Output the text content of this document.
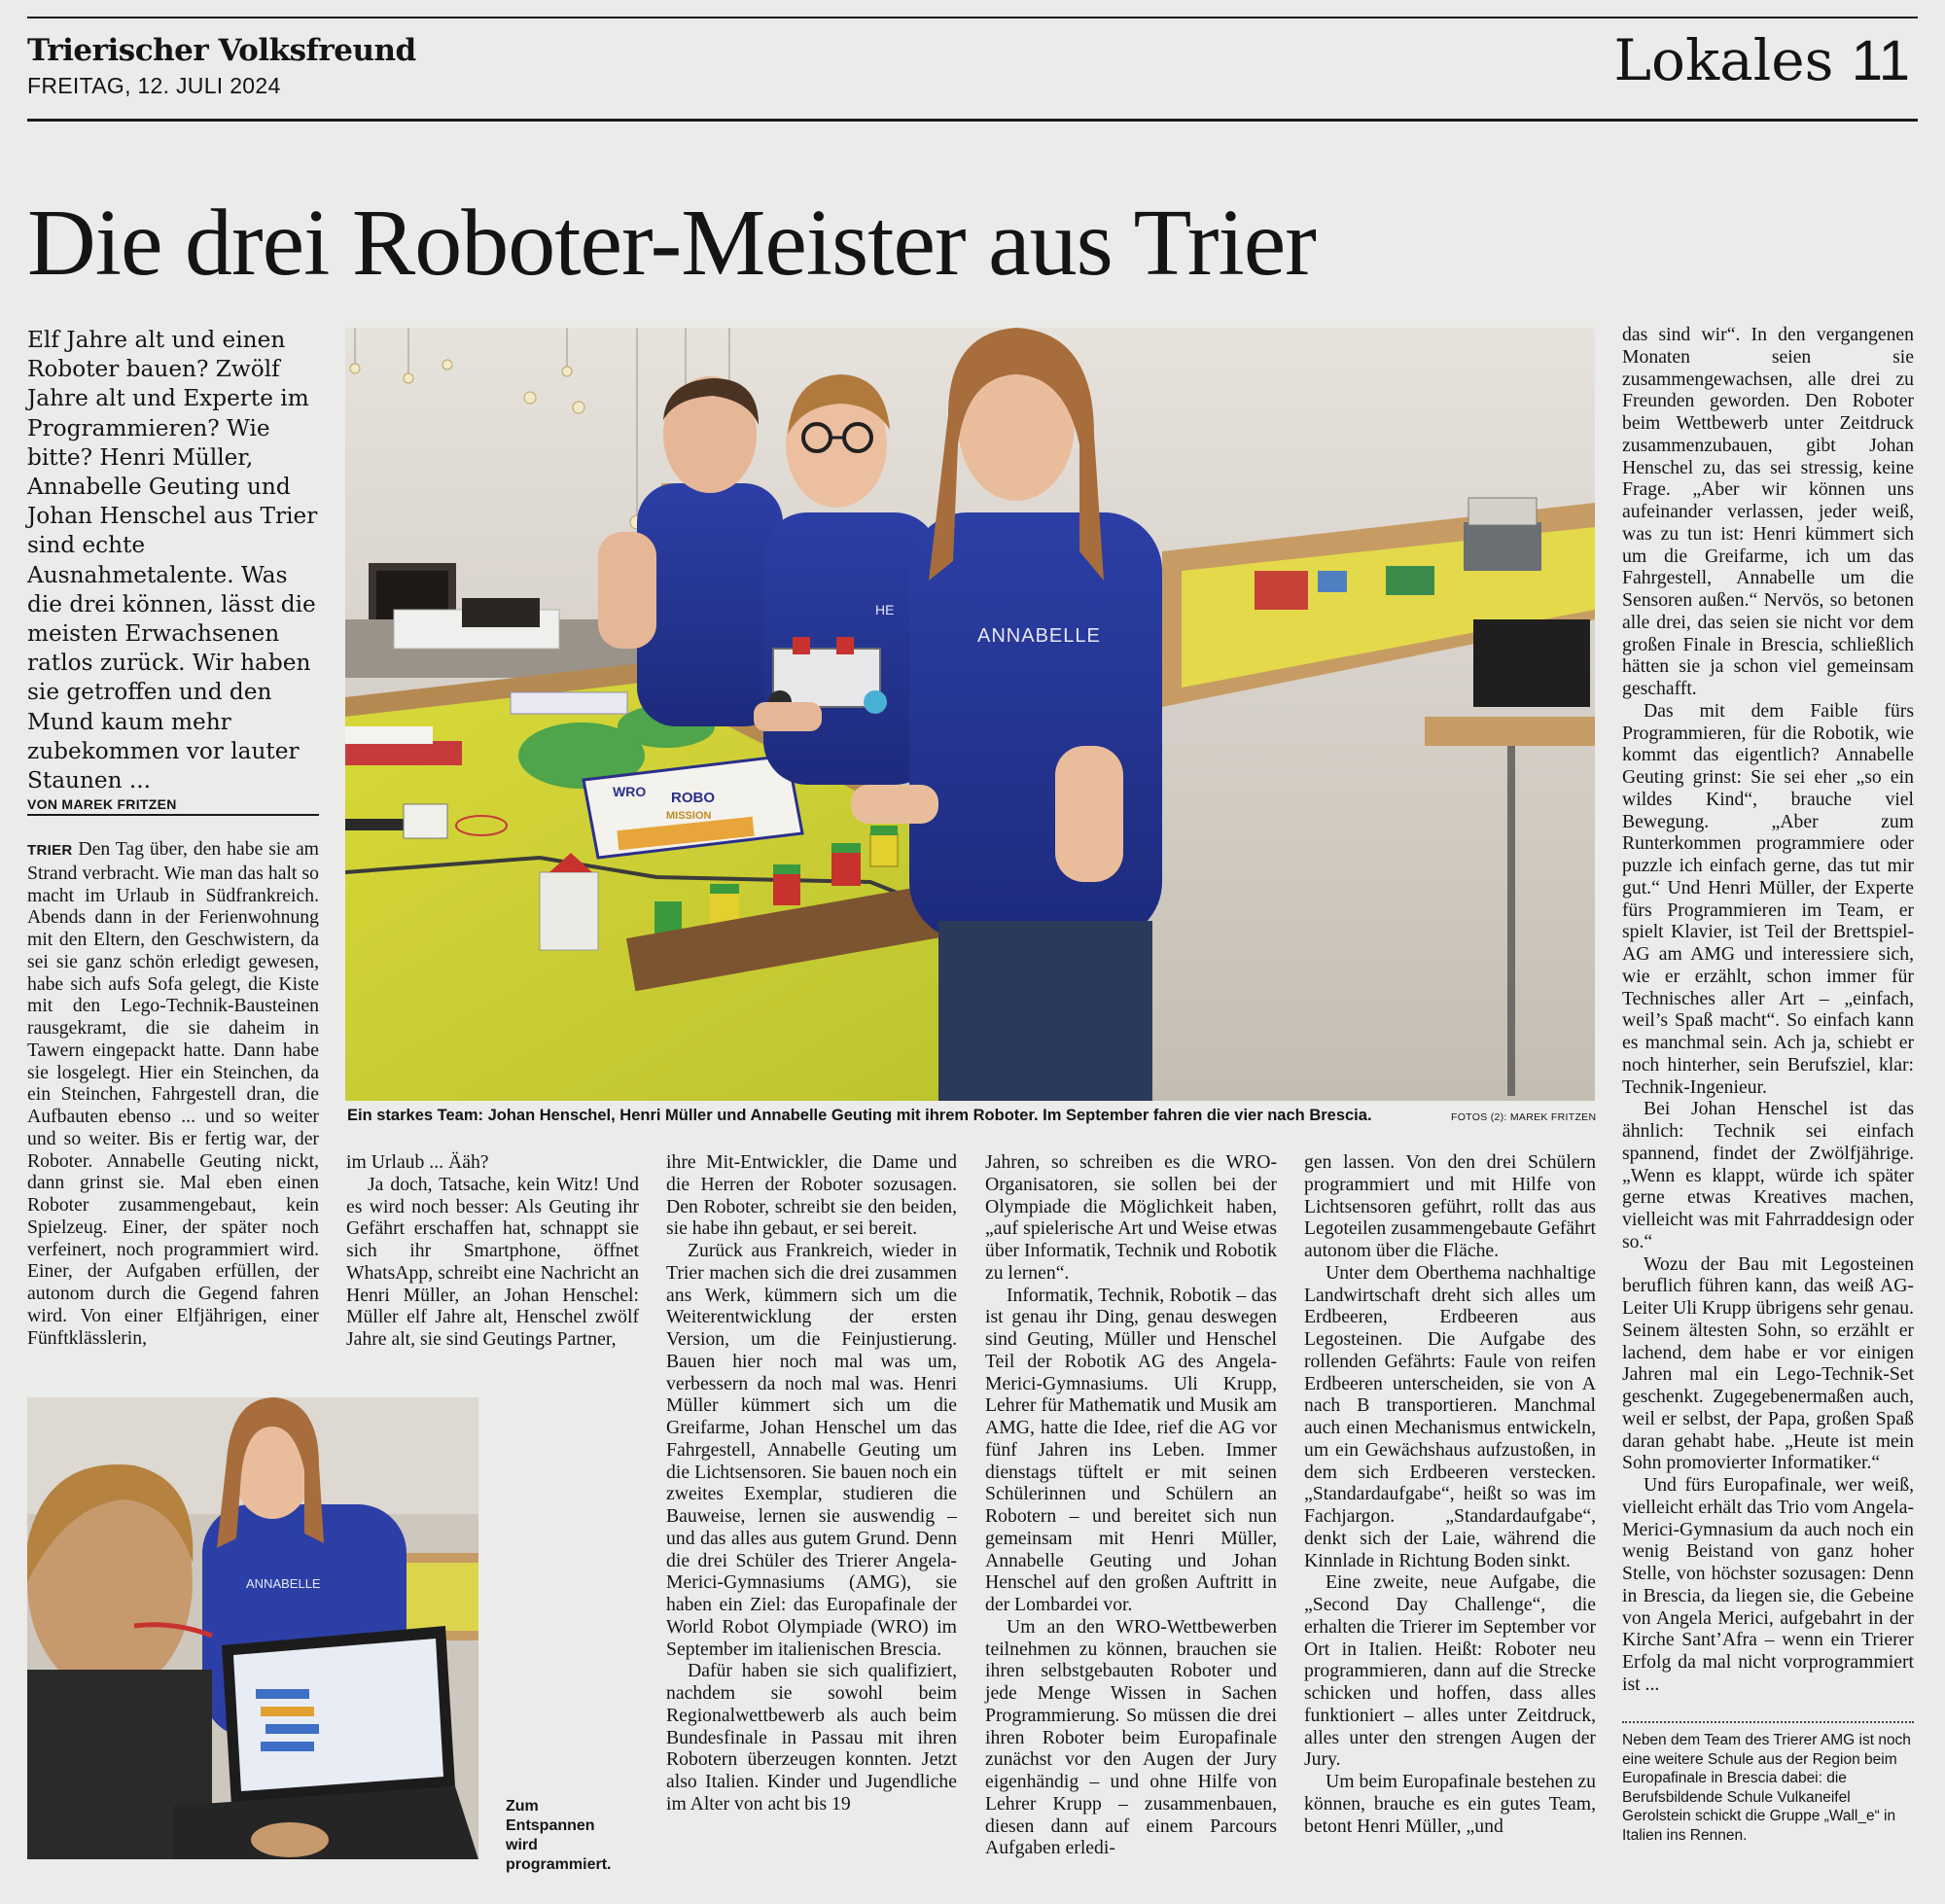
Trierischer Volksfreund
FREITAG, 12. JULI 2024	Lokales 11
Die drei Roboter-Meister aus Trier
Elf Jahre alt und einen Roboter bauen? Zwölf Jahre alt und Experte im Programmieren? Wie bitte? Henri Müller, Annabelle Geuting und Johan Henschel aus Trier sind echte Ausnahmetalente. Was die drei können, lässt die meisten Erwachsenen ratlos zurück. Wir haben sie getroffen und den Mund kaum mehr zubekommen vor lauter Staunen ...
VON MAREK FRITZEN

TRIER Den Tag über, den habe sie am Strand verbracht. Wie man das halt so macht im Urlaub in Südfrankreich. Abends dann in der Ferienwohnung mit den Eltern, den Geschwistern, da sei sie ganz schön erledigt gewesen, habe sich aufs Sofa gelegt, die Kiste mit den Lego-Technik-Bausteinen rausgekramt, die sie daheim in Tawern eingepackt hatte. Dann habe sie losgelegt. Hier ein Steinchen, da ein Steinchen, Fahrgestell dran, die Aufbauten ebenso ... und so weiter und so weiter. Bis er fertig war, der Roboter. Annabelle Geuting nickt, dann grinst sie. Mal eben einen Roboter zusammengebaut, kein Spielzeug. Einer, der später noch verfeinert, noch programmiert wird. Einer, der Aufgaben erfüllen, der autonom durch die Gegend fahren wird. Von einer Elfjährigen, einer Fünftklässlerin,

WRO ROBO
MISSION
HE
ANNABELLE
Ein starkes Team: Johan Henschel, Henri Müller und Annabelle Geuting mit ihrem Roboter. Im September fahren die vier nach Brescia.	FOTOS (2): MAREK FRITZEN

im Urlaub ... Ääh?

Ja doch, Tatsache, kein Witz! Und es wird noch besser: Als Geuting ihr Gefährt erschaffen hat, schnappt sie sich ihr Smartphone, öffnet WhatsApp, schreibt eine Nachricht an Henri Müller, an Johan Henschel: Müller elf Jahre alt, Henschel zwölf Jahre alt, sie sind Geutings Partner,

ANNABELLE
Zum Entspannen wird programmiert.

ihre Mit-Entwickler, die Dame und die Herren der Roboter sozusagen. Den Roboter, schreibt sie den beiden, sie habe ihn gebaut, er sei bereit.

Zurück aus Frankreich, wieder in Trier machen sich die drei zusammen ans Werk, kümmern sich um die Weiterentwicklung der ersten Version, um die Feinjustierung. Bauen hier noch mal was um, verbessern da noch mal was. Henri Müller kümmert sich um die Greifarme, Johan Henschel um das Fahrgestell, Annabelle Geuting um die Lichtsensoren. Sie bauen noch ein zweites Exemplar, studieren die Bauweise, lernen sie auswendig – und das alles aus gutem Grund. Denn die drei Schüler des Trierer Angela-Merici-Gymnasiums (AMG), sie haben ein Ziel: das Europafinale der World Robot Olympiade (WRO) im September im italienischen Brescia.

Dafür haben sie sich qualifiziert, nachdem sie sowohl beim Regionalwettbewerb als auch beim Bundesfinale in Passau mit ihren Robotern überzeugen konnten. Jetzt also Italien. Kinder und Jugendliche im Alter von acht bis 19

Jahren, so schreiben es die WRO-Organisatoren, sie sollen bei der Olympiade die Möglichkeit haben, „auf spielerische Art und Weise etwas über Informatik, Technik und Robotik zu lernen“.

Informatik, Technik, Robotik – das ist genau ihr Ding, genau deswegen sind Geuting, Müller und Henschel Teil der Robotik AG des Angela-Merici-Gymnasiums. Uli Krupp, Lehrer für Mathematik und Musik am AMG, hatte die Idee, rief die AG vor fünf Jahren ins Leben. Immer dienstags tüftelt er mit seinen Schülerinnen und Schülern an Robotern – und bereitet sich nun gemeinsam mit Henri Müller, Annabelle Geuting und Johan Henschel auf den großen Auftritt in der Lombardei vor.

Um an den WRO-Wettbewerben teilnehmen zu können, brauchen sie ihren selbstgebauten Roboter und jede Menge Wissen in Sachen Programmierung. So müssen die drei ihren Roboter beim Europafinale zunächst vor den Augen der Jury eigenhändig – und ohne Hilfe von Lehrer Krupp – zusammenbauen, diesen dann auf einem Parcours Aufgaben erledi-

gen lassen. Von den drei Schülern programmiert und mit Hilfe von Lichtsensoren geführt, rollt das aus Legoteilen zusammengebaute Gefährt autonom über die Fläche.

Unter dem Oberthema nachhaltige Landwirtschaft dreht sich alles um Erdbeeren, Erdbeeren aus Legosteinen. Die Aufgabe des rollenden Gefährts: Faule von reifen Erdbeeren unterscheiden, sie von A nach B transportieren. Manchmal auch einen Mechanismus entwickeln, um ein Gewächshaus aufzustoßen, in dem sich Erdbeeren verstecken. „Standardaufgabe“, heißt so was im Fachjargon. „Standardaufgabe“, denkt sich der Laie, während die Kinnlade in Richtung Boden sinkt.

Eine zweite, neue Aufgabe, die „Second Day Challenge“, die erhalten die Trierer im September vor Ort in Italien. Heißt: Roboter neu programmieren, dann auf die Strecke schicken und hoffen, dass alles funktioniert – alles unter Zeitdruck, alles unter den strengen Augen der Jury.

Um beim Europafinale bestehen zu können, brauche es ein gutes Team, betont Henri Müller, „und

das sind wir“. In den vergangenen Monaten seien sie zusammengewachsen, alle drei zu Freunden geworden. Den Roboter beim Wettbewerb unter Zeitdruck zusammenzubauen, gibt Johan Henschel zu, das sei stressig, keine Frage. „Aber wir können uns aufeinander verlassen, jeder weiß, was zu tun ist: Henri kümmert sich um die Greifarme, ich um das Fahrgestell, Annabelle um die Sensoren außen.“ Nervös, so betonen alle drei, das seien sie nicht vor dem großen Finale in Brescia, schließlich hätten sie ja schon viel gemeinsam geschafft.

Das mit dem Faible fürs Programmieren, für die Robotik, wie kommt das eigentlich? Annabelle Geuting grinst: Sie sei eher „so ein wildes Kind“, brauche viel Bewegung. „Aber zum Runterkommen programmiere oder puzzle ich einfach gerne, das tut mir gut.“ Und Henri Müller, der Experte fürs Programmieren im Team, er spielt Klavier, ist Teil der Brettspiel-AG am AMG und interessiere sich, wie er erzählt, schon immer für Technisches aller Art – „einfach, weil’s Spaß macht“. So einfach kann es manchmal sein. Ach ja, schiebt er noch hinterher, sein Berufsziel, klar: Technik-Ingenieur.

Bei Johan Henschel ist das ähnlich: Technik sei einfach spannend, findet der Zwölfjährige. „Wenn es klappt, würde ich später gerne etwas Kreatives machen, vielleicht was mit Fahrraddesign oder so.“

Wozu der Bau mit Legosteinen beruflich führen kann, das weiß AG-Leiter Uli Krupp übrigens sehr genau. Seinem ältesten Sohn, so erzählt er lachend, dem habe er vor einigen Jahren mal ein Lego-Technik-Set geschenkt. Zugegebenermaßen auch, weil er selbst, der Papa, großen Spaß daran gehabt habe. „Heute ist mein Sohn promovierter Informatiker.“

Und fürs Europafinale, wer weiß, vielleicht erhält das Trio vom Angela-Merici-Gymnasium da auch noch ein wenig Beistand von ganz hoher Stelle, von höchster sozusagen: Denn in Brescia, da liegen sie, die Gebeine von Angela Merici, aufgebahrt in der Kirche Sant’Afra – wenn ein Trierer Erfolg da mal nicht vorprogrammiert ist ...

Neben dem Team des Trierer AMG ist noch eine weitere Schule aus der Region beim Europafinale in Brescia dabei: die Berufsbildende Schule Vulkaneifel Gerolstein schickt die Gruppe „Wall_e“ in Italien ins Rennen.
